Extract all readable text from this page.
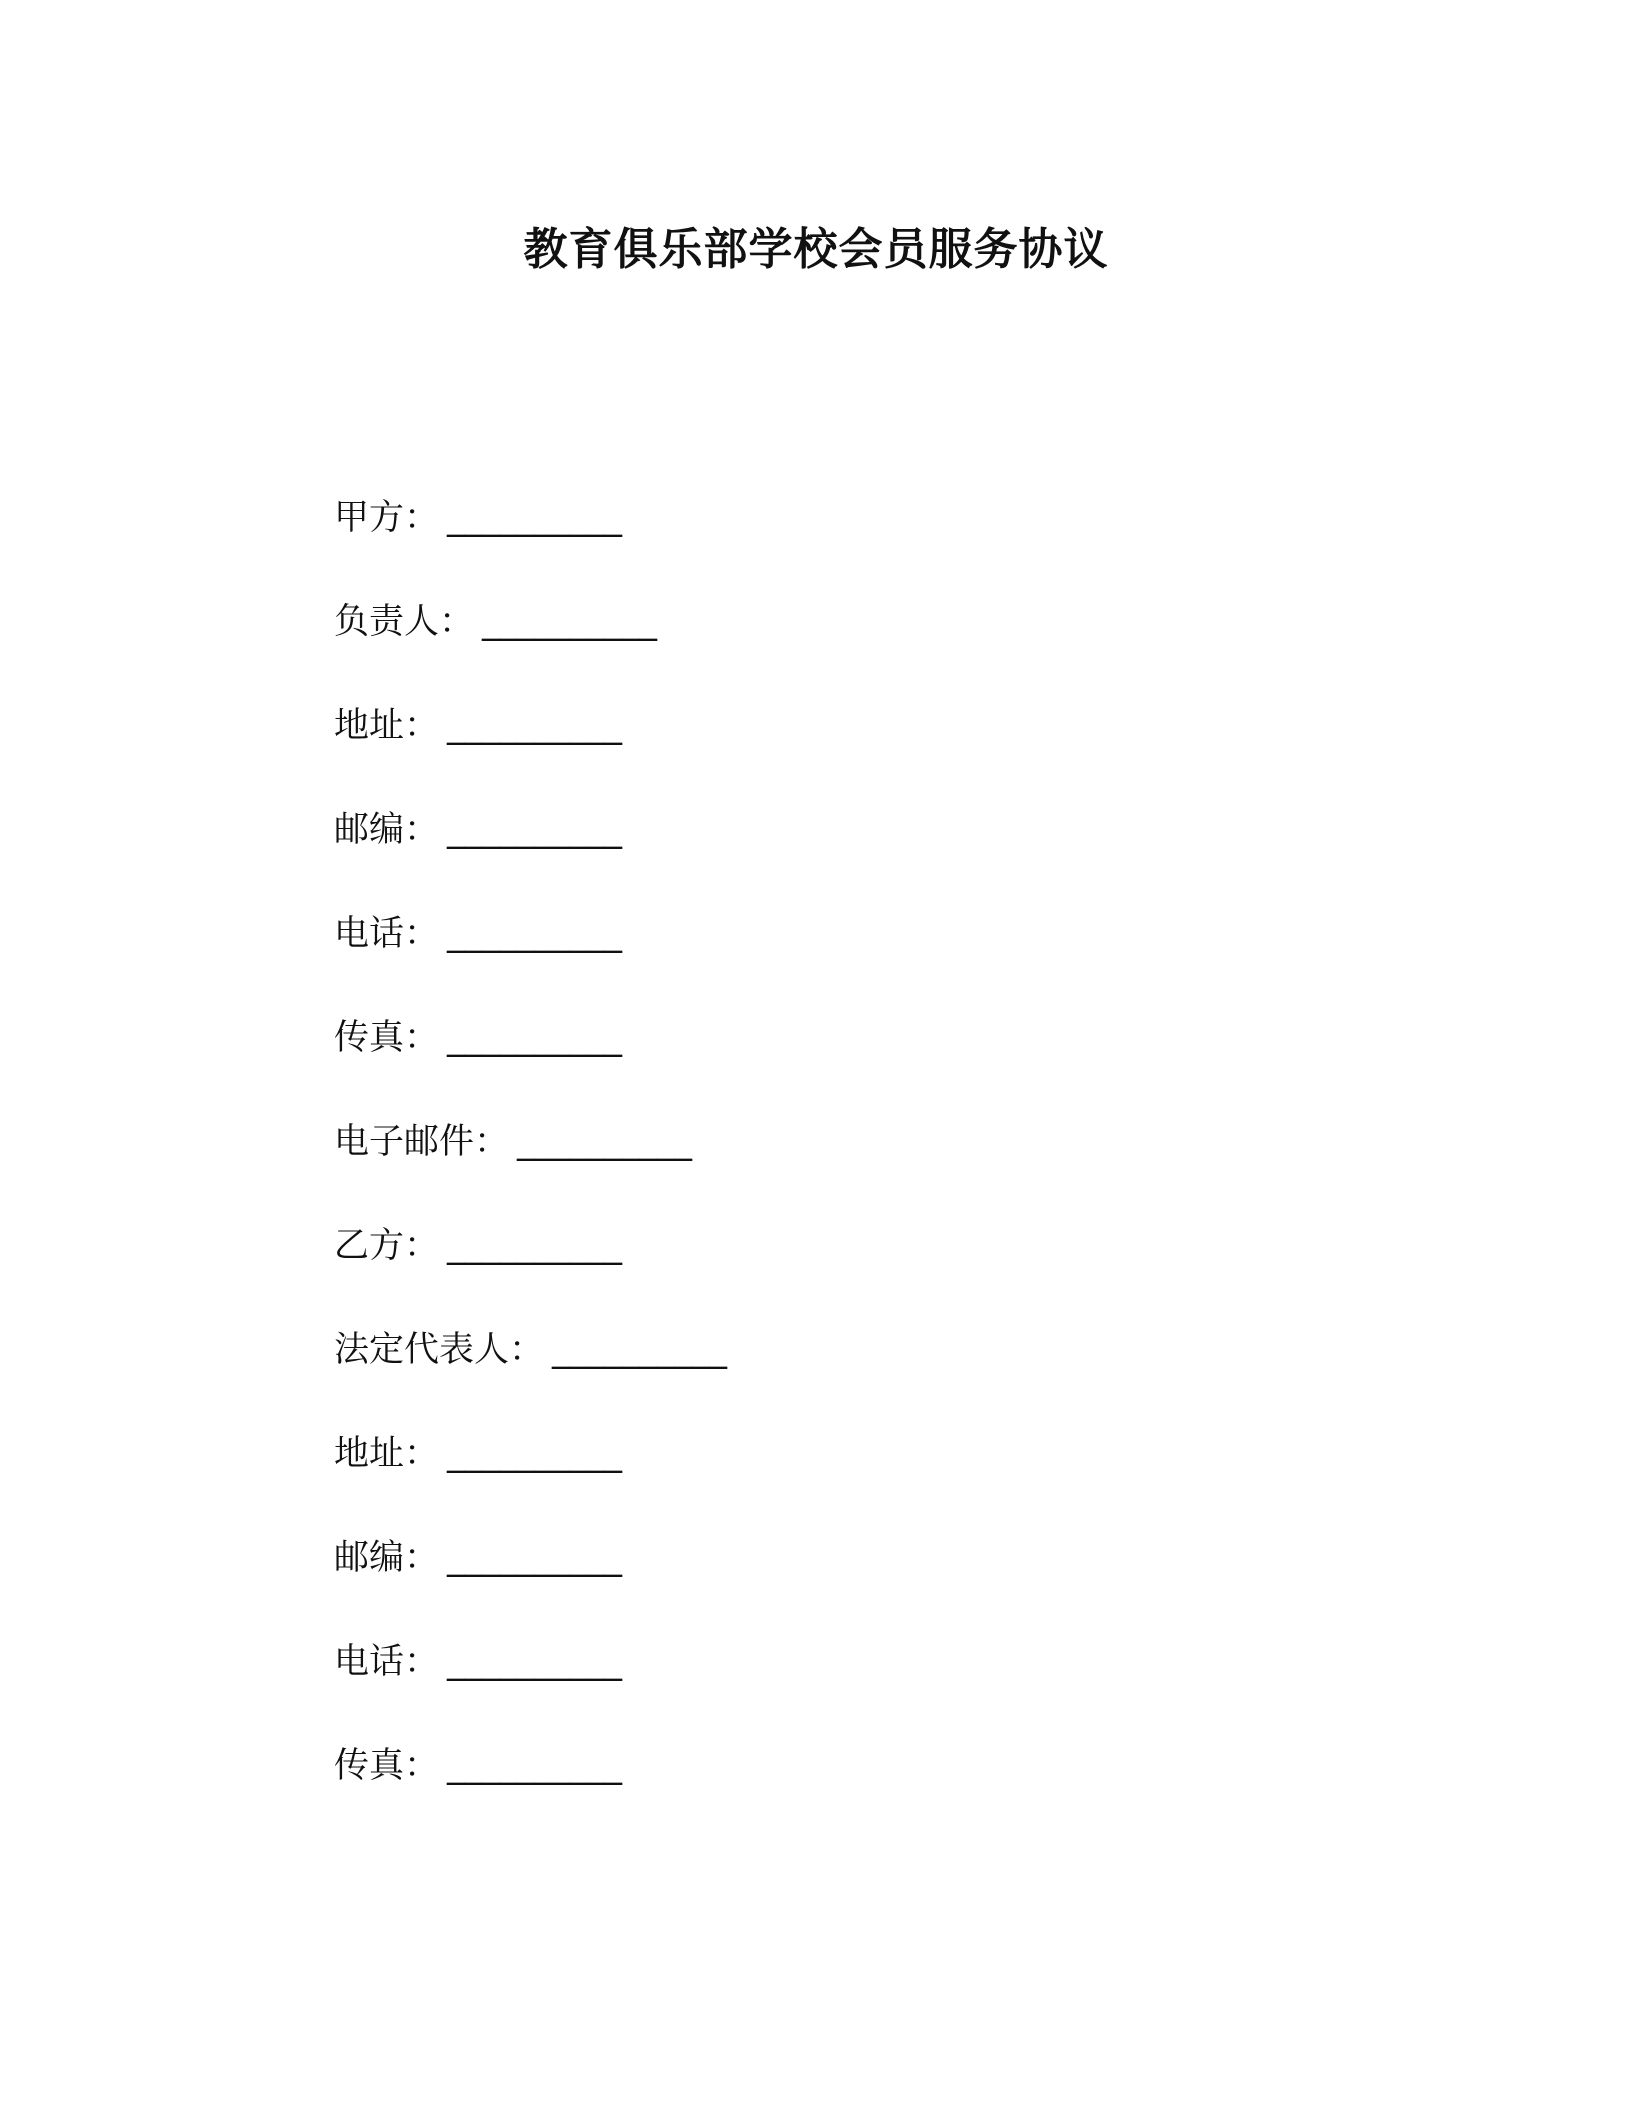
教育俱乐部学校会员服务协议
甲方：__________
负责人： __________
地址： __________
邮编： __________
电话： __________
传真： __________
电子邮件： __________
乙方： __________
法定代表人： __________
地址： __________
邮编： __________
电话： __________
传真： __________
